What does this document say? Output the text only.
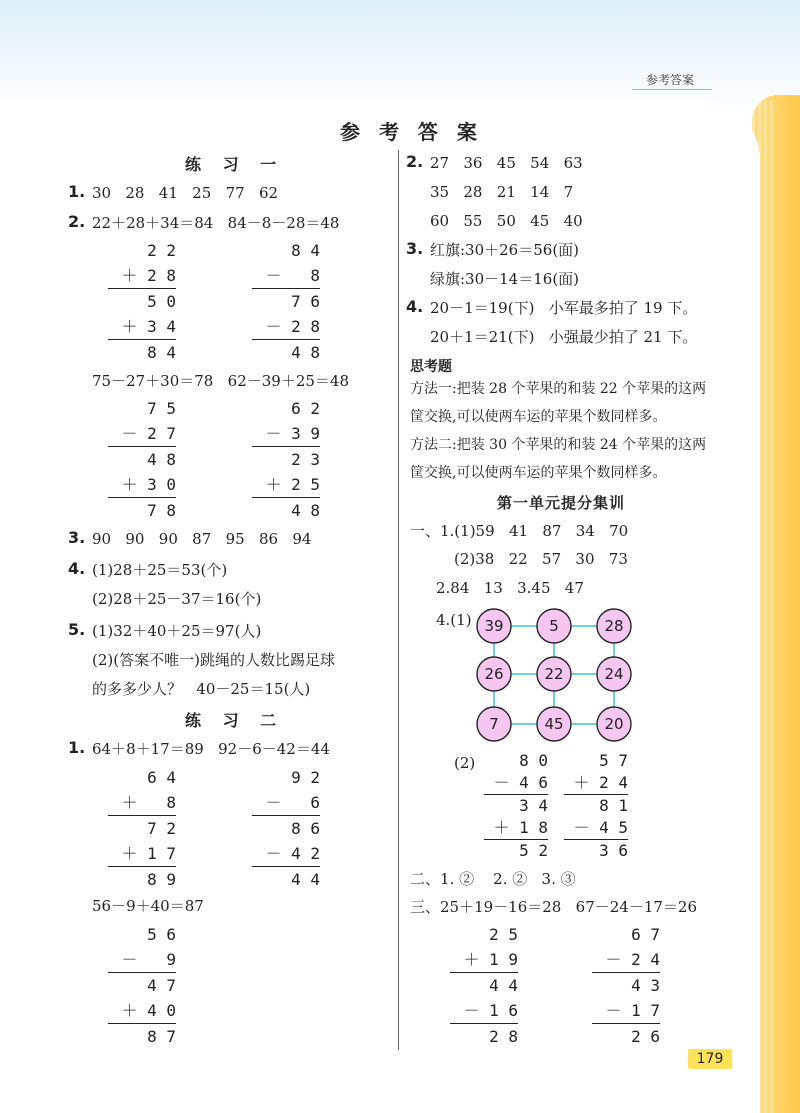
参考答案
参 考 答 案
练 习 一
1. 30   28   41   25   77   62
2. 22＋28＋34＝84   84－8－28＝48
2 2
＋ 2 8
5 0
＋ 3 4
8 4
8 4
－   8
7 6
－ 2 8
4 8
75－27＋30＝78   62－39＋25＝48
7 5
－ 2 7
4 8
＋ 3 0
7 8
6 2
－ 3 9
2 3
＋ 2 5
4 8
3. 90   90   90   87   95   86   94
4. (1)28＋25＝53(个)
(2)28＋25－37＝16(个)
5. (1)32＋40＋25＝97(人)
(2)(答案不唯一)跳绳的人数比踢足球
的多多少人？   40－25＝15(人)
练 习 二
1. 64＋8＋17＝89   92－6－42＝44
6 4
＋   8
7 2
＋ 1 7
8 9
9 2
－   6
8 6
－ 4 2
4 4
56－9＋40＝87
5 6
－   9
4 7
＋ 4 0
8 7
2. 27   36   45   54   63
35   28   21   14   7
60   55   50   45   40
3. 红旗:30＋26＝56(面)
绿旗:30－14＝16(面)
4. 20－1＝19(下)   小军最多拍了 19 下。
20＋1＝21(下)   小强最少拍了 21 下。
思考题
方法一:把装 28 个苹果的和装 22 个苹果的这两
筐交换,可以使两车运的苹果个数同样多。
方法二:把装 30 个苹果的和装 24 个苹果的这两
筐交换,可以使两车运的苹果个数同样多。
第一单元提分集训
一、1.(1)59   41   87   34   70
(2)38   22   57   30   73
2.84   13   3.45   47
4.(1) 39	5	28
26	22	24
7	45	20
(2)	8 0
－ 4 6
3 4
＋ 1 8
5 2
5 7
＋ 2 4
8 1
－ 4 5
3 6
二、1. ②    2. ②   3. ③
三、25＋19－16＝28   67－24－17＝26
2 5
＋ 1 9
4 4
－ 1 6
2 8
6 7
－ 2 4
4 3
－ 1 7
2 6
179
